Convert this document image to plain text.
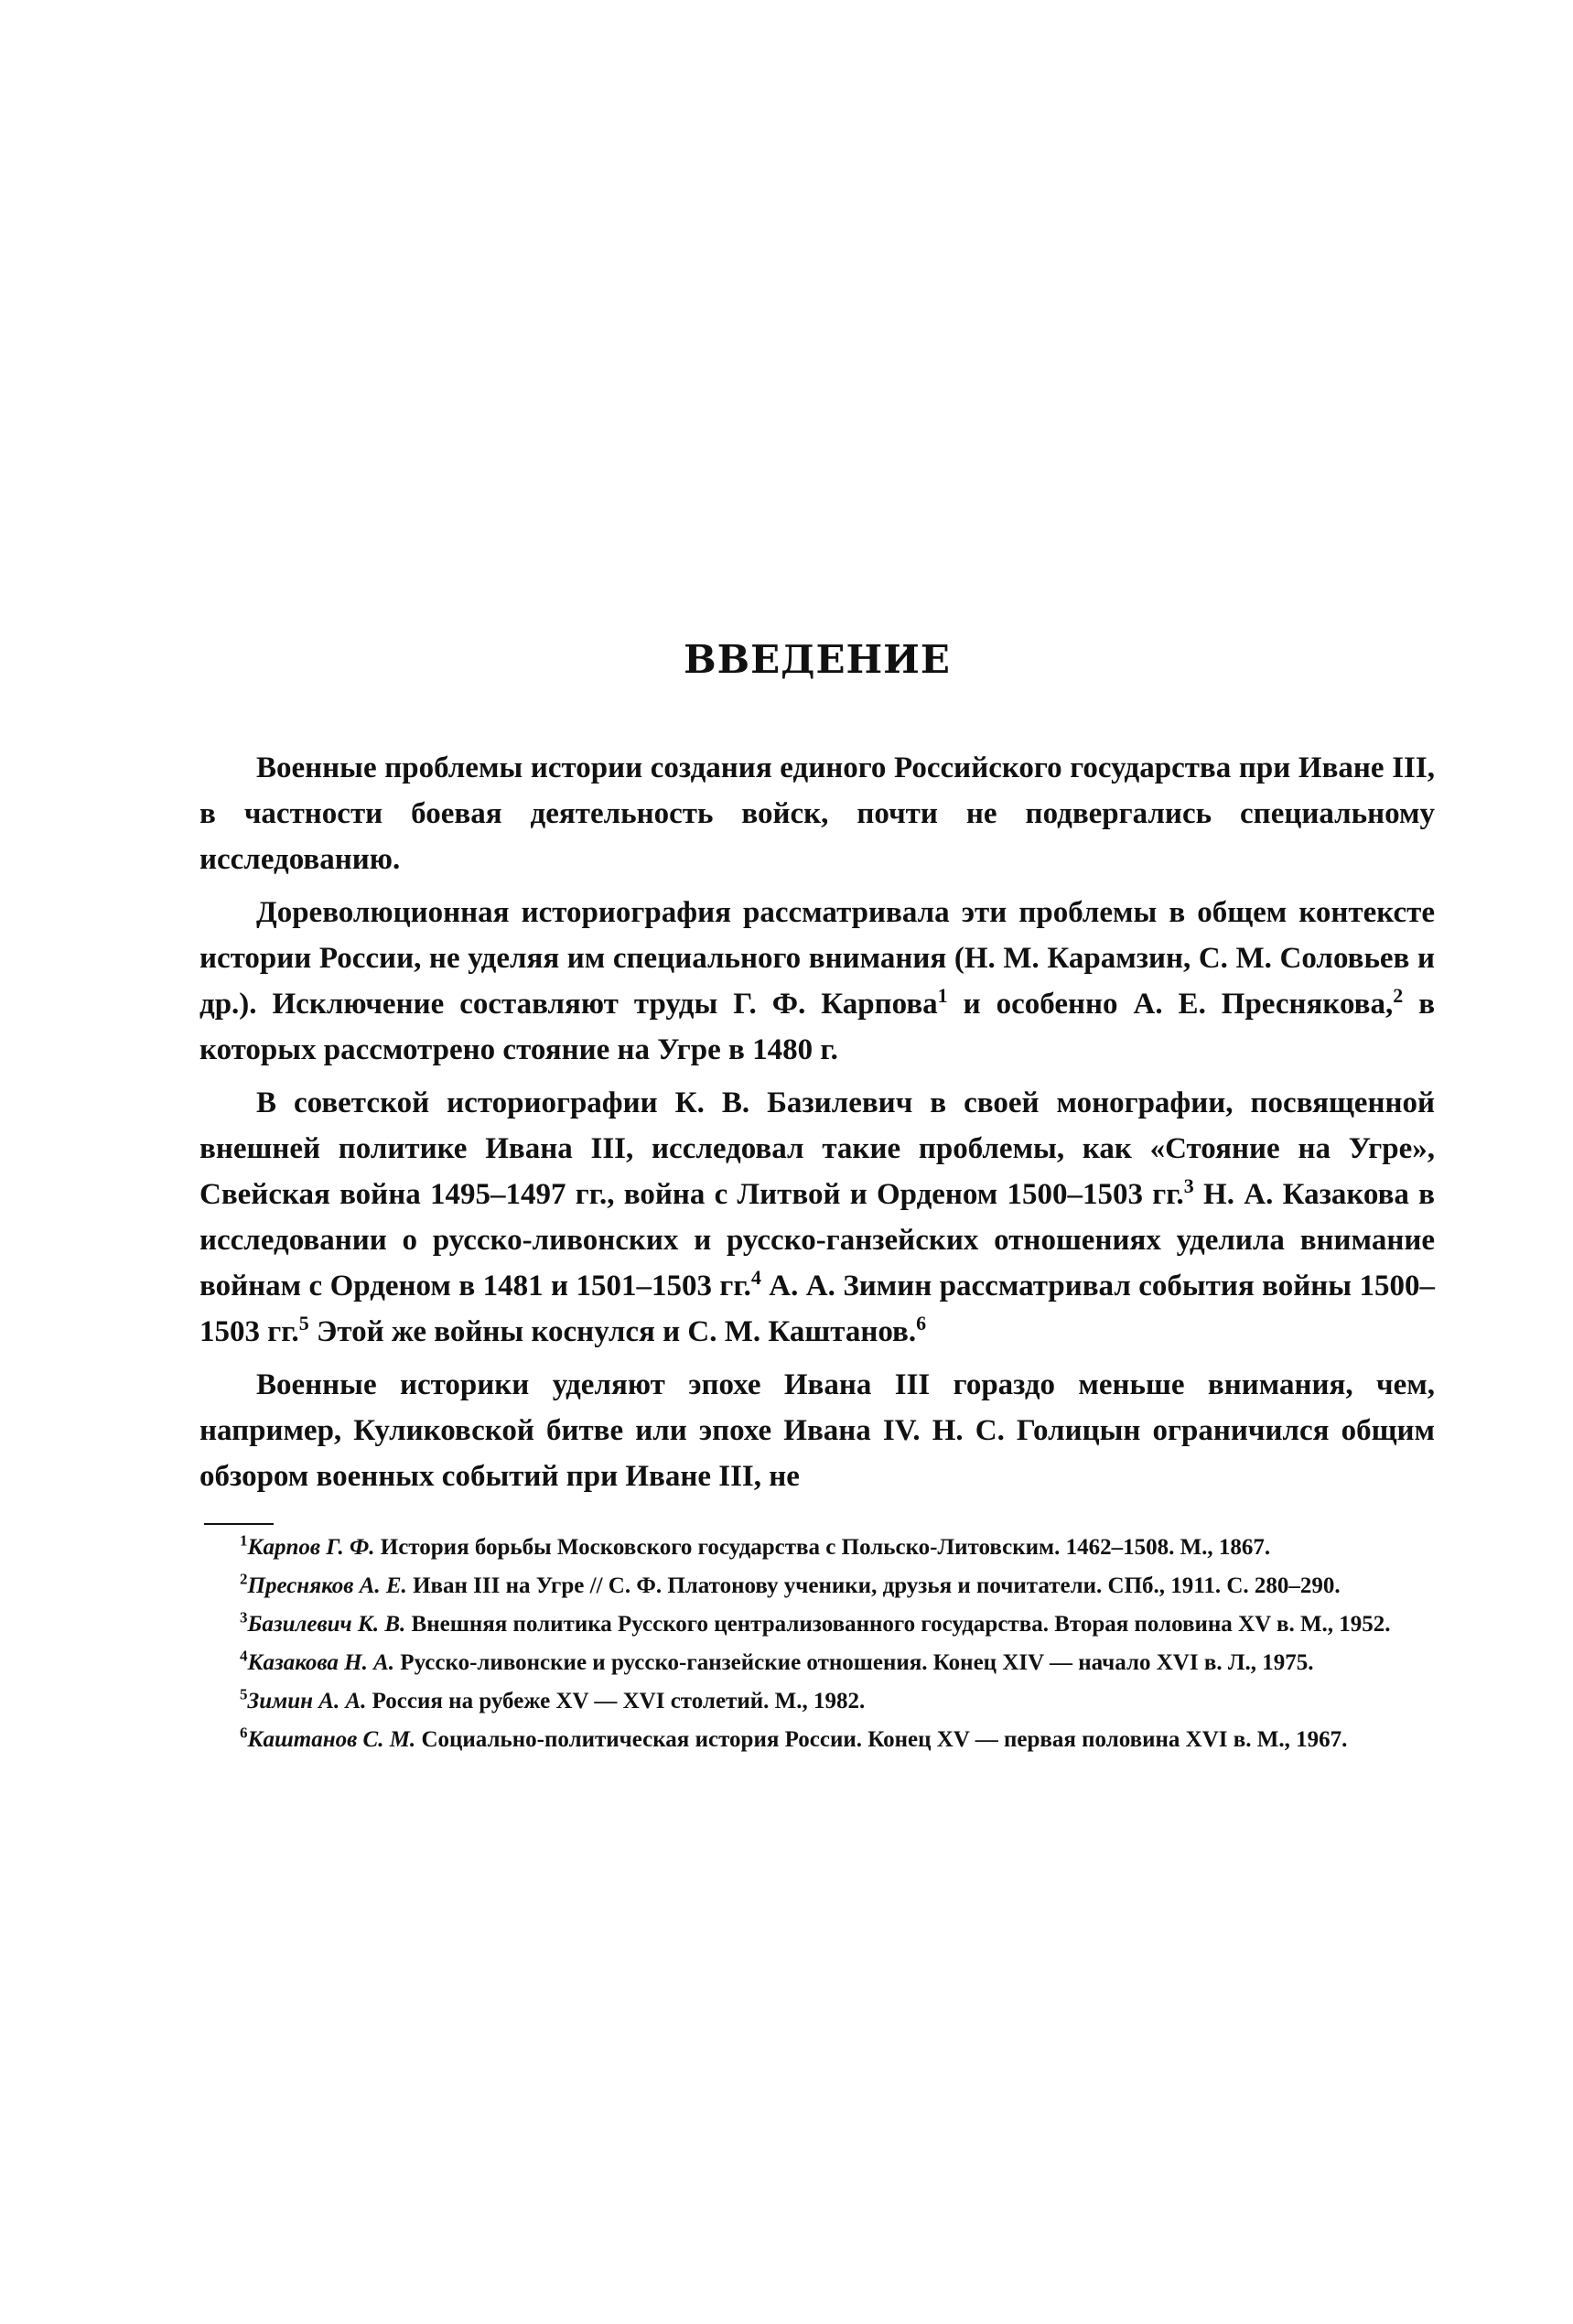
ВВЕДЕНИЕ

Военные проблемы истории создания единого Российского государства при Иване III, в частности боевая деятельность войск, почти не подвергались специальному исследованию.

Дореволюционная историография рассматривала эти проблемы в общем контексте истории России, не уделяя им специального внимания (Н. М. Карамзин, С. М. Соловьев и др.). Исключение составляют труды Г. Ф. Карпова$^1$ и особенно А. Е. Преснякова,$^2$ в которых рассмотрено стояние на Угре в 1480 г.

В советской историографии К. В. Базилевич в своей монографии, посвященной внешней политике Ивана III, исследовал такие проблемы, как «Стояние на Угре», Свейская война 1495–1497 гг., война с Литвой и Орденом 1500–1503 гг.$^3$ Н. А. Казакова в исследовании о русско-ливонских и русско-ганзейских отношениях уделила внимание войнам с Орденом в 1481 и 1501–1503 гг.$^4$ А. А. Зимин рассматривал события войны 1500–1503 гг.$^5$ Этой же войны коснулся и С. М. Каштанов.$^6$

Военные историки уделяют эпохе Ивана III гораздо меньше внимания, чем, например, Куликовской битве или эпохе Ивана IV. Н. С. Голицын ограничился общим обзором военных событий при Иване III, не

$^1$Карпов Г. Ф. История борьбы Московского государства с Польско-Литовским. 1462–1508. М., 1867.

$^2$Пресняков А. Е. Иван III на Угре // С. Ф. Платонову ученики, друзья и почитатели. СПб., 1911. С. 280–290.

$^3$Базилевич К. В. Внешняя политика Русского централизованного государства. Вторая половина XV в. М., 1952.

$^4$Казакова Н. А. Русско-ливонские и русско-ганзейские отношения. Конец XIV — начало XVI в. Л., 1975.

$^5$Зимин А. А. Россия на рубеже XV — XVI столетий. М., 1982.

$^6$Каштанов С. М. Социально-политическая история России. Конец XV — первая половина XVI в. М., 1967.
